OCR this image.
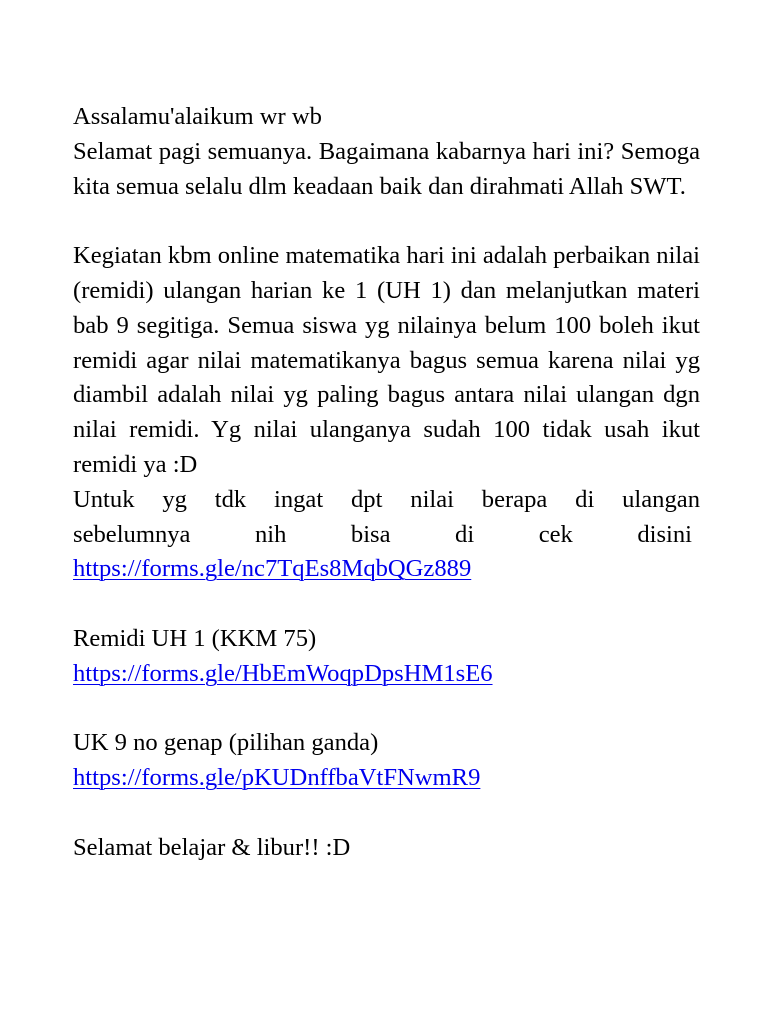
Assalamu'alaikum wr wb

Selamat pagi semuanya. Bagaimana kabarnya hari ini? Semoga kita semua selalu dlm keadaan baik dan dirahmati Allah SWT.

Kegiatan kbm online matematika hari ini adalah perbaikan nilai (remidi) ulangan harian ke 1 (UH 1) dan melanjutkan materi bab 9 segitiga. Semua siswa yg nilainya belum 100 boleh ikut remidi agar nilai matematikanya bagus semua karena nilai yg diambil adalah nilai yg paling bagus antara nilai ulangan dgn nilai remidi. Yg nilai ulanganya sudah 100 tidak usah ikut remidi ya :D

Untuk yg tdk ingat dpt nilai berapa di ulangan
sebelumnya	nih	bisa	di	cek	disini
https://forms.gle/nc7TqEs8MqbQGz889
Remidi UH 1 (KKM 75)
https://forms.gle/HbEmWoqpDpsHM1sE6
UK 9 no genap (pilihan ganda)
https://forms.gle/pKUDnffbaVtFNwmR9
Selamat belajar & libur!! :D
